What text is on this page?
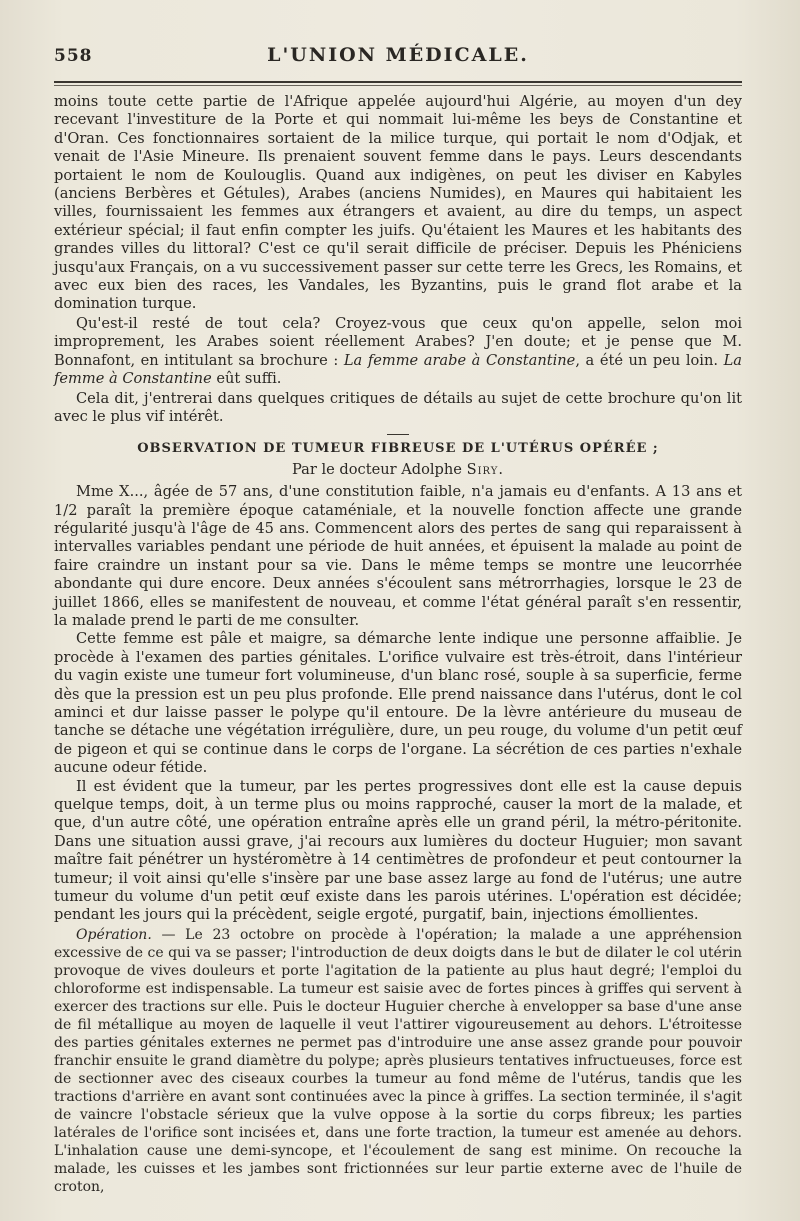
558	L'UNION MÉDICALE.

moins toute cette partie de l'Afrique appelée aujourd'hui Algérie, au moyen d'un dey recevant l'investiture de la Porte et qui nommait lui-même les beys de Constantine et d'Oran. Ces fonctionnaires sortaient de la milice turque, qui portait le nom d'Odjak, et venait de l'Asie Mineure. Ils prenaient souvent femme dans le pays. Leurs descendants portaient le nom de Koulouglis. Quand aux indigènes, on peut les diviser en Kabyles (anciens Berbères et Gétules), Arabes (anciens Numides), en Maures qui habitaient les villes, fournissaient les femmes aux étrangers et avaient, au dire du temps, un aspect extérieur spécial; il faut enfin compter les juifs. Qu'étaient les Maures et les habitants des grandes villes du littoral? C'est ce qu'il serait difficile de préciser. Depuis les Phéniciens jusqu'aux Français, on a vu successivement passer sur cette terre les Grecs, les Romains, et avec eux bien des races, les Vandales, les Byzantins, puis le grand flot arabe et la domination turque.

Qu'est-il resté de tout cela? Croyez-vous que ceux qu'on appelle, selon moi improprement, les Arabes soient réellement Arabes? J'en doute; et je pense que M. Bonnafont, en intitulant sa brochure : La femme arabe à Constantine, a été un peu loin. La femme à Constantine eût suffi.

Cela dit, j'entrerai dans quelques critiques de détails au sujet de cette brochure qu'on lit avec le plus vif intérêt.

OBSERVATION DE TUMEUR FIBREUSE DE L'UTÉRUS OPÉRÉE ;
Par le docteur Adolphe Siry.

Mme X..., âgée de 57 ans, d'une constitution faible, n'a jamais eu d'enfants. A 13 ans et 1/2 paraît la première époque cataméniale, et la nouvelle fonction affecte une grande régularité jusqu'à l'âge de 45 ans. Commencent alors des pertes de sang qui reparaissent à intervalles variables pendant une période de huit années, et épuisent la malade au point de faire craindre un instant pour sa vie. Dans le même temps se montre une leucorrhée abondante qui dure encore. Deux années s'écoulent sans métrorrhagies, lorsque le 23 de juillet 1866, elles se manifestent de nouveau, et comme l'état général paraît s'en ressentir, la malade prend le parti de me consulter.

Cette femme est pâle et maigre, sa démarche lente indique une personne affaiblie. Je procède à l'examen des parties génitales. L'orifice vulvaire est très-étroit, dans l'intérieur du vagin existe une tumeur fort volumineuse, d'un blanc rosé, souple à sa superficie, ferme dès que la pression est un peu plus profonde. Elle prend naissance dans l'utérus, dont le col aminci et dur laisse passer le polype qu'il entoure. De la lèvre antérieure du museau de tanche se détache une végétation irrégulière, dure, un peu rouge, du volume d'un petit œuf de pigeon et qui se continue dans le corps de l'organe. La sécrétion de ces parties n'exhale aucune odeur fétide.

Il est évident que la tumeur, par les pertes progressives dont elle est la cause depuis quelque temps, doit, à un terme plus ou moins rapproché, causer la mort de la malade, et que, d'un autre côté, une opération entraîne après elle un grand péril, la métro-péritonite. Dans une situation aussi grave, j'ai recours aux lumières du docteur Huguier; mon savant maître fait pénétrer un hystéromètre à 14 centimètres de profondeur et peut contourner la tumeur; il voit ainsi qu'elle s'insère par une base assez large au fond de l'utérus; une autre tumeur du volume d'un petit œuf existe dans les parois utérines. L'opération est décidée; pendant les jours qui la précèdent, seigle ergoté, purgatif, bain, injections émollientes.

Opération. — Le 23 octobre on procède à l'opération; la malade a une appréhension excessive de ce qui va se passer; l'introduction de deux doigts dans le but de dilater le col utérin provoque de vives douleurs et porte l'agitation de la patiente au plus haut degré; l'emploi du chloroforme est indispensable. La tumeur est saisie avec de fortes pinces à griffes qui servent à exercer des tractions sur elle. Puis le docteur Huguier cherche à envelopper sa base d'une anse de fil métallique au moyen de laquelle il veut l'attirer vigoureusement au dehors. L'étroitesse des parties génitales externes ne permet pas d'introduire une anse assez grande pour pouvoir franchir ensuite le grand diamètre du polype; après plusieurs tentatives infructueuses, force est de sectionner avec des ciseaux courbes la tumeur au fond même de l'utérus, tandis que les tractions d'arrière en avant sont continuées avec la pince à griffes. La section terminée, il s'agit de vaincre l'obstacle sérieux que la vulve oppose à la sortie du corps fibreux; les parties latérales de l'orifice sont incisées et, dans une forte traction, la tumeur est amenée au dehors. L'inhalation cause une demi-syncope, et l'écoulement de sang est minime. On recouche la malade, les cuisses et les jambes sont frictionnées sur leur partie externe avec de l'huile de croton,
